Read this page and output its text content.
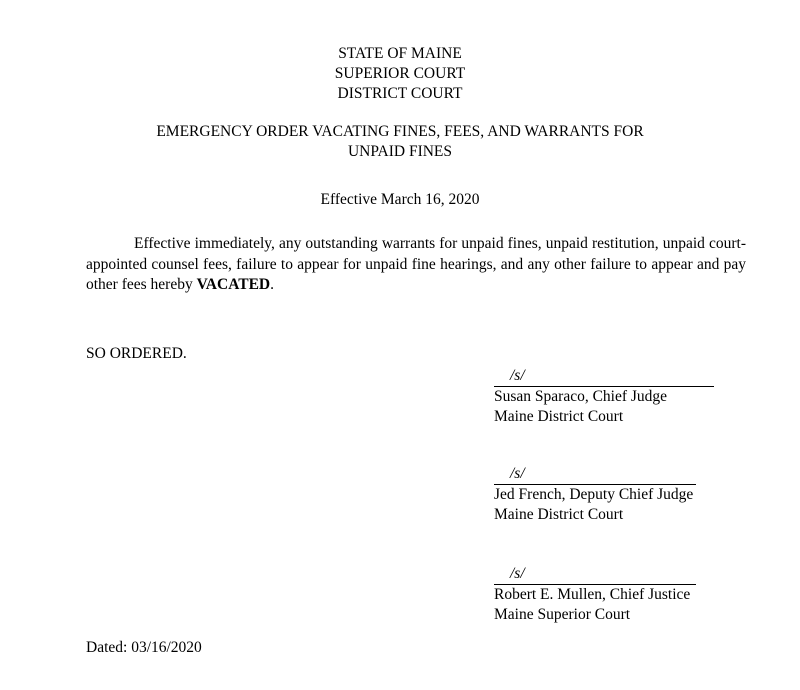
STATE OF MAINE
SUPERIOR COURT
DISTRICT COURT
EMERGENCY ORDER VACATING FINES, FEES, AND WARRANTS FOR
UNPAID FINES
Effective March 16, 2020
Effective immediately, any outstanding warrants for unpaid fines, unpaid restitution, unpaid court-appointed counsel fees, failure to appear for unpaid fine hearings, and any other failure to appear and pay other fees hereby VACATED.
SO ORDERED.
/s/
Susan Sparaco, Chief Judge
Maine District Court
/s/
Jed French, Deputy Chief Judge
Maine District Court
/s/
Robert E. Mullen, Chief Justice
Maine Superior Court
Dated: 03/16/2020
